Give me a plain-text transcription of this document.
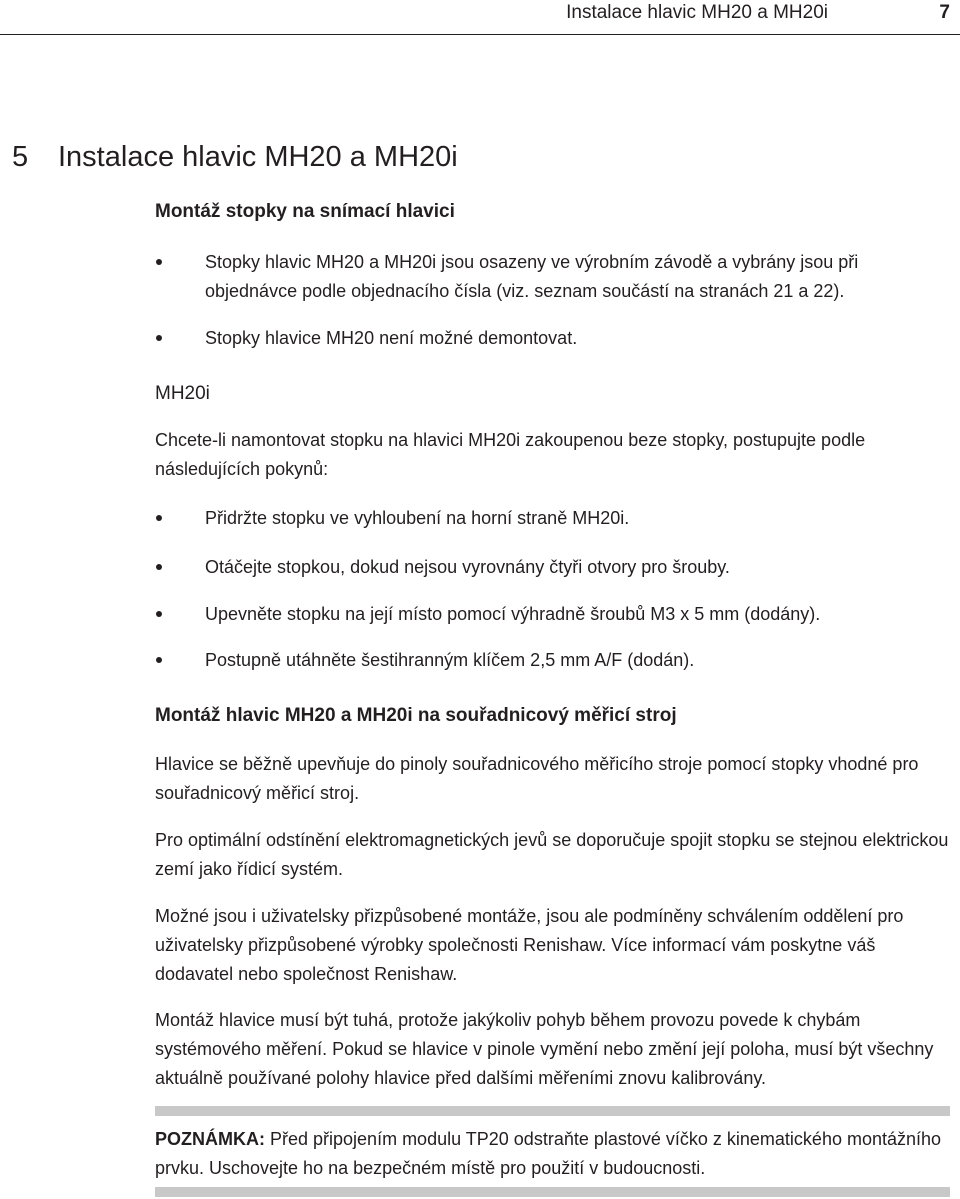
Instalace hlavic MH20 a MH20i	7
5 Instalace hlavic MH20 a MH20i
Montáž stopky na snímací hlavici
Stopky hlavic MH20 a MH20i jsou osazeny ve výrobním závodě a vybrány jsou při objednávce podle objednacího čísla (viz. seznam součástí na stranách 21 a 22).
Stopky hlavice MH20 není možné demontovat.
MH20i
Chcete-li namontovat stopku na hlavici MH20i zakoupenou beze stopky, postupujte podle následujících pokynů:
Přidržte stopku ve vyhloubení na horní straně MH20i.
Otáčejte stopkou, dokud nejsou vyrovnány čtyři otvory pro šrouby.
Upevněte stopku na její místo pomocí výhradně šroubů M3 x 5 mm (dodány).
Postupně utáhněte šestihranným klíčem 2,5 mm A/F (dodán).
Montáž hlavic MH20 a MH20i na souřadnicový měřicí stroj
Hlavice se běžně upevňuje do pinoly souřadnicového měřicího stroje pomocí stopky vhodné pro souřadnicový měřicí stroj.
Pro optimální odstínění elektromagnetických jevů se doporučuje spojit stopku se stejnou elektrickou zemí jako řídicí systém.
Možné jsou i uživatelsky přizpůsobené montáže, jsou ale podmíněny schválením oddělení pro uživatelsky přizpůsobené výrobky společnosti Renishaw. Více informací vám poskytne váš dodavatel nebo společnost Renishaw.
Montáž hlavice musí být tuhá, protože jakýkoliv pohyb během provozu povede k chybám systémového měření. Pokud se hlavice v pinole vymění nebo změní její poloha, musí být všechny aktuálně používané polohy hlavice před dalšími měřeními znovu kalibrovány.
POZNÁMKA: Před připojením modulu TP20 odstraňte plastové víčko z kinematického montážního prvku. Uschovejte ho na bezpečném místě pro použití v budoucnosti.
